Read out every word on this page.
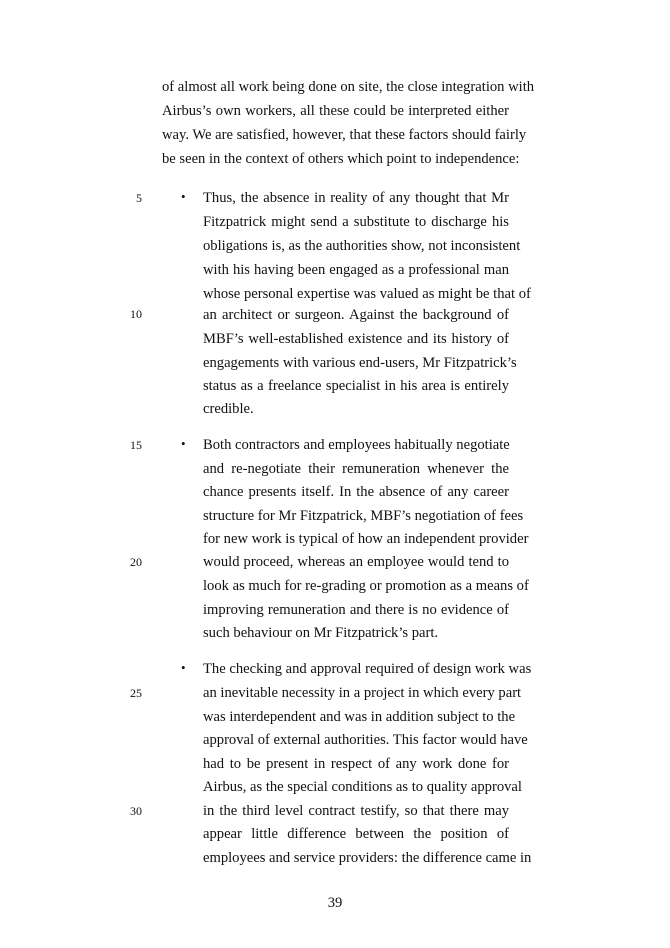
of almost all work being done on site, the close integration with
Airbus’s own workers, all these could be interpreted either
way. We are satisfied, however, that these factors should fairly
be seen in the context of others which point to independence:
5	• Thus, the absence in reality of any thought that Mr
Fitzpatrick might send a substitute to discharge his
obligations is, as the authorities show, not inconsistent
with his having been engaged as a professional man
whose personal expertise was valued as might be that of
10	an architect or surgeon. Against the background of
MBF’s well-established existence and its history of
engagements with various end-users, Mr Fitzpatrick’s
status as a freelance specialist in his area is entirely
credible.
15	• Both contractors and employees habitually negotiate
and re-negotiate their remuneration whenever the
chance presents itself. In the absence of any career
structure for Mr Fitzpatrick, MBF’s negotiation of fees
for new work is typical of how an independent provider
20	would proceed, whereas an employee would tend to
look as much for re-grading or promotion as a means of
improving remuneration and there is no evidence of
such behaviour on Mr Fitzpatrick’s part.
• The checking and approval required of design work was
25	an inevitable necessity in a project in which every part
was interdependent and was in addition subject to the
approval of external authorities. This factor would have
had to be present in respect of any work done for
Airbus, as the special conditions as to quality approval
30	in the third level contract testify, so that there may
appear little difference between the position of
employees and service providers: the difference came in
39
